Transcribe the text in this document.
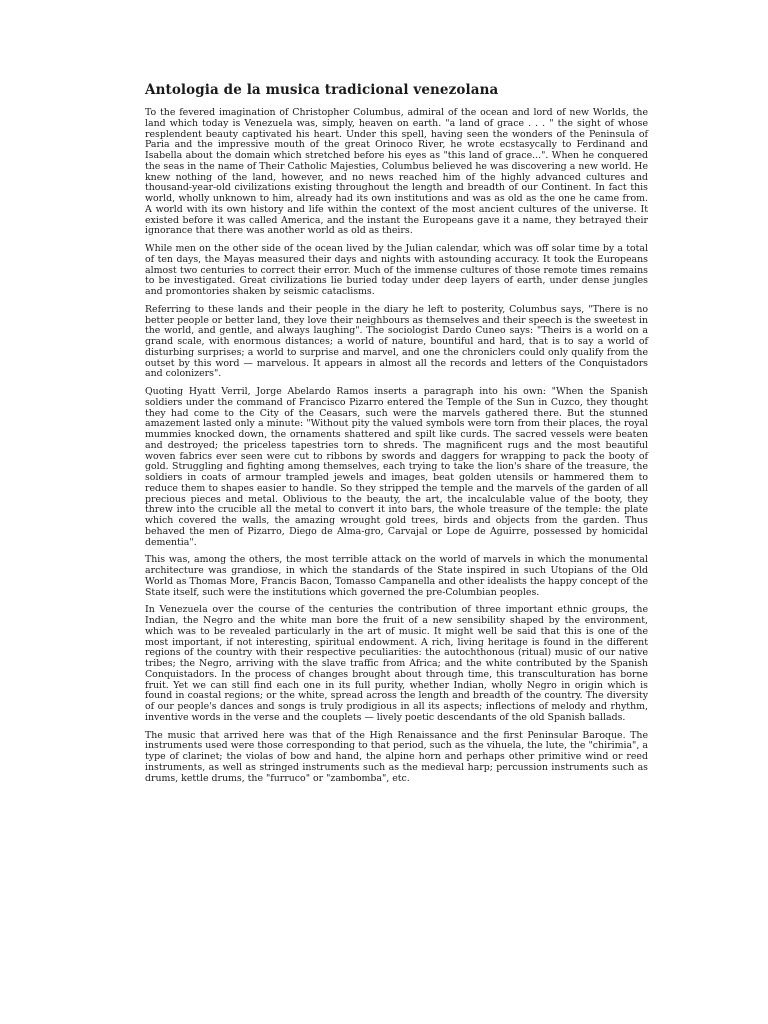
Antologia de la musica tradicional venezolana

To the fevered imagination of Christopher Columbus, admiral of the ocean and lord of new Worlds, the land which today is Venezuela was, simply, heaven on earth. "a land of grace . . . " the sight of whose resplendent beauty captivated his heart. Under this spell, having seen the wonders of the Peninsula of Paria and the impressive mouth of the great Orinoco River, he wrote ecstasycally to Ferdinand and Isabella about the domain which stretched before his eyes as "this land of grace...". When he conquered the seas in the name of Their Catholic Majesties, Columbus believed he was discovering a new world. He knew nothing of the land, however, and no news reached him of the highly advanced cultures and thousand-year-old civilizations existing throughout the length and breadth of our Continent. In fact this world, wholly unknown to him, already had its own institutions and was as old as the one he came from. A world with its own history and life within the context of the most ancient cultures of the universe. It existed before it was called America, and the instant the Europeans gave it a name, they betrayed their ignorance that there was another world as old as theirs.

While men on the other side of the ocean lived by the Julian calendar, which was off solar time by a total of ten days, the Mayas measured their days and nights with astounding accuracy. It took the Europeans almost two centuries to correct their error. Much of the immense cultures of those remote times remains to be investigated. Great civilizations lie buried today under deep layers of earth, under dense jungles and promontories shaken by seismic cataclisms.

Referring to these lands and their people in the diary he left to posterity, Columbus says, "There is no better people or better land, they love their neighbours as themselves and their speech is the sweetest in the world, and gentle, and always laughing". The sociologist Dardo Cuneo says: "Theirs is a world on a grand scale, with enormous distances; a world of nature, bountiful and hard, that is to say a world of disturbing surprises; a world to surprise and marvel, and one the chroniclers could only qualify from the outset by this word — marvelous. It appears in almost all the records and letters of the Conquistadors and colonizers".

Quoting Hyatt Verril, Jorge Abelardo Ramos inserts a paragraph into his own: "When the Spanish soldiers under the command of Francisco Pizarro entered the Temple of the Sun in Cuzco, they thought they had come to the City of the Ceasars, such were the marvels gathered there. But the stunned amazement lasted only a minute: "Without pity the valued symbols were torn from their places, the royal mummies knocked down, the ornaments shattered and spilt like curds. The sacred vessels were beaten and destroyed; the priceless tapestries torn to shreds. The magnificent rugs and the most beautiful woven fabrics ever seen were cut to ribbons by swords and daggers for wrapping to pack the booty of gold. Struggling and fighting among themselves, each trying to take the lion's share of the treasure, the soldiers in coats of armour trampled jewels and images, beat golden utensils or hammered them to reduce them to shapes easier to handle. So they stripped the temple and the marvels of the garden of all precious pieces and metal. Oblivious to the beauty, the art, the incalculable value of the booty, they threw into the crucible all the metal to convert it into bars, the whole treasure of the temple: the plate which covered the walls, the amazing wrought gold trees, birds and objects from the garden. Thus behaved the men of Pizarro, Diego de Alma-gro, Carvajal or Lope de Aguirre, possessed by homicidal dementia".

This was, among the others, the most terrible attack on the world of marvels in which the monumental architecture was grandiose, in which the standards of the State inspired in such Utopians of the Old World as Thomas More, Francis Bacon, Tomasso Campanella and other idealists the happy concept of the State itself, such were the institutions which governed the pre-Columbian peoples.

In Venezuela over the course of the centuries the contribution of three important ethnic groups, the Indian, the Negro and the white man bore the fruit of a new sensibility shaped by the environment, which was to be revealed particularly in the art of music. It might well be said that this is one of the most important, if not interesting, spiritual endowment. A rich, living heritage is found in the different regions of the country with their respective peculiarities: the autochthonous (ritual) music of our native tribes; the Negro, arriving with the slave traffic from Africa; and the white contributed by the Spanish Conquistadors. In the process of changes brought about through time, this transculturation has borne fruit. Yet we can still find each one in its full purity, whether Indian, wholly Negro in origin which is found in coastal regions; or the white, spread across the length and breadth of the country. The diversity of our people's dances and songs is truly prodigious in all its aspects; inflections of melody and rhythm, inventive words in the verse and the couplets — lively poetic descendants of the old Spanish ballads.

The music that arrived here was that of the High Renaissance and the first Peninsular Baroque. The instruments used were those corresponding to that period, such as the vihuela, the lute, the "chirimia", a type of clarinet; the violas of bow and hand, the alpine horn and perhaps other primitive wind or reed instruments, as well as stringed instruments such as the medieval harp; percussion instruments such as drums, kettle drums, the "furruco" or "zambomba", etc.
